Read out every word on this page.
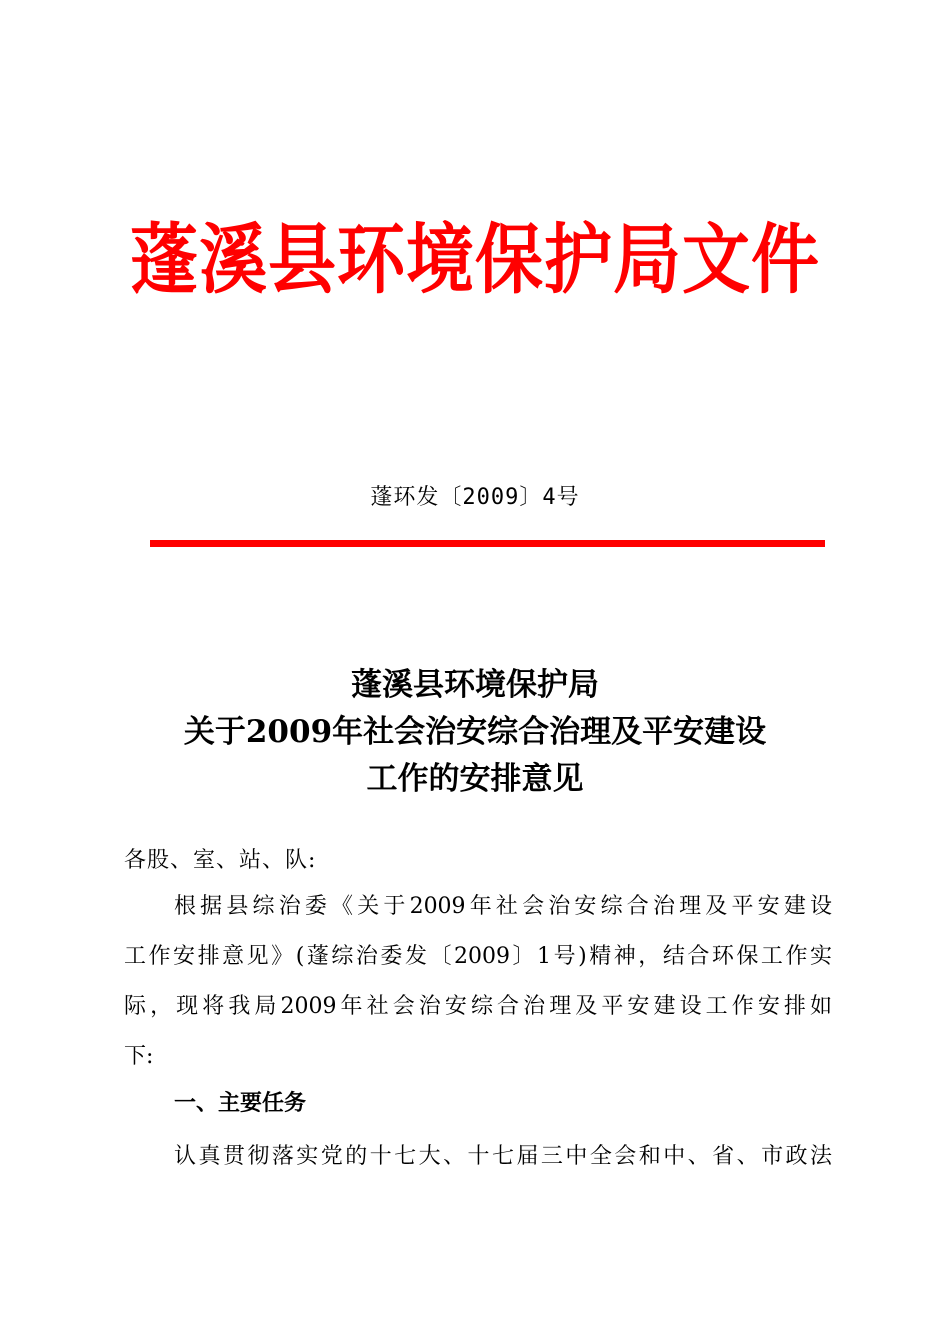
蓬溪县环境保护局文件
蓬环发〔2009〕4号
蓬溪县环境保护局
关于2009年社会治安综合治理及平安建设
工作的安排意见
各股、室、站、队:
根据县综治委《关于2009年社会治安综合治理及平安建设
工作安排意见》(蓬综治委发〔2009〕1号)精神，结合环保工作实
际，现将我局2009年社会治安综合治理及平安建设工作安排如
下:
一、主要任务
认真贯彻落实党的十七大、十七届三中全会和中、省、市政法
